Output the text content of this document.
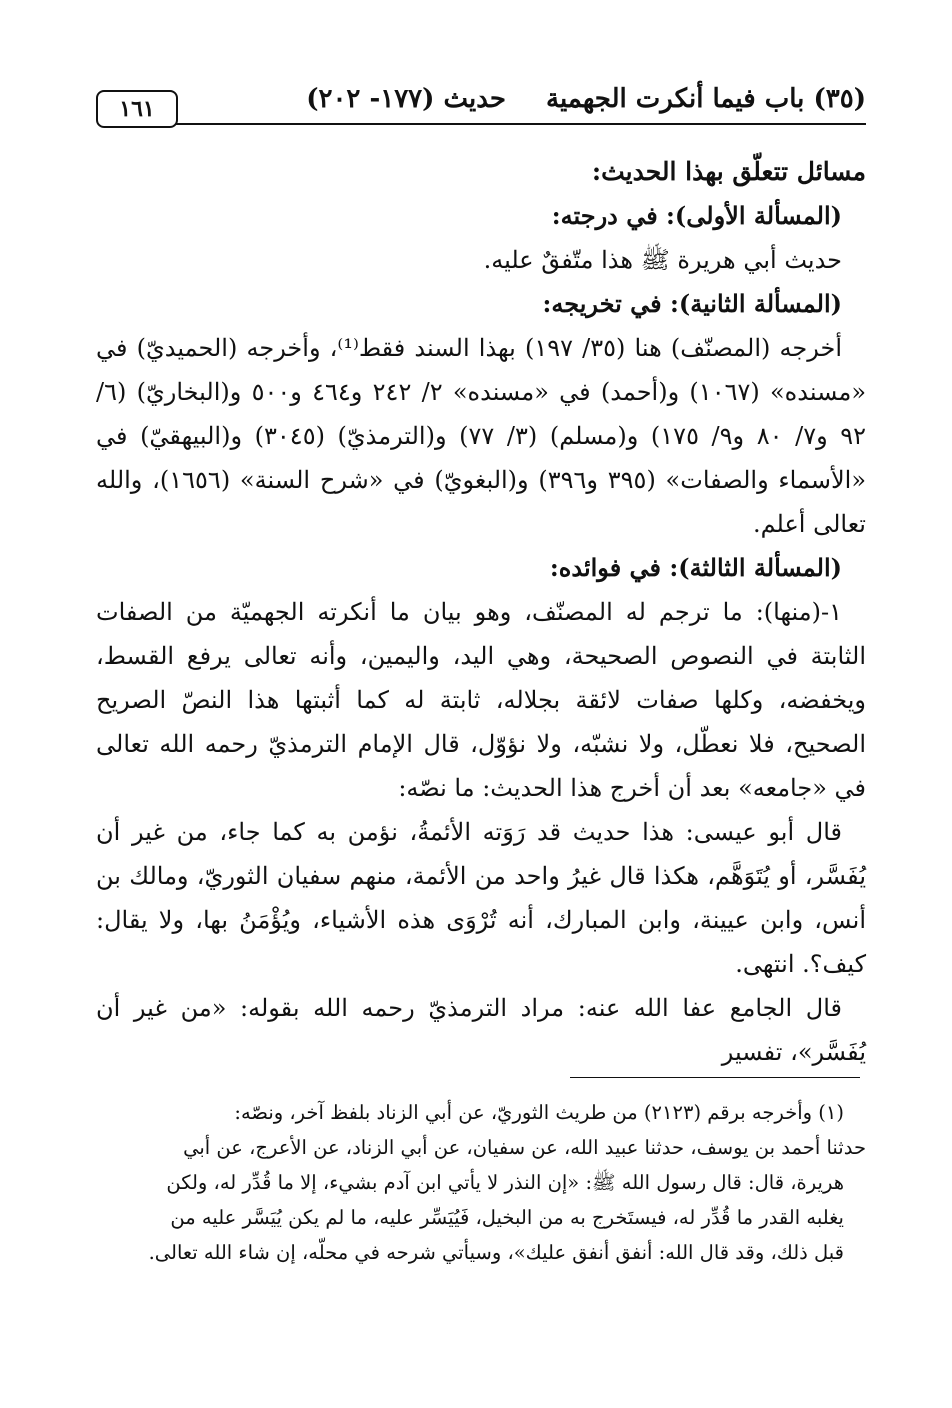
(٣٥) باب فيما أنكرت الجهمية
حديث (١٧٧- ٢٠٢)
١٦١

مسائل تتعلّق بهذا الحديث:

(المسألة الأولى): في درجته:

حديث أبي هريرة ﷺ هذا متّفقٌ عليه.

(المسألة الثانية): في تخريجه:

أخرجه (المصنّف) هنا (٣٥/ ١٩٧) بهذا السند فقط⁽¹⁾، وأخرجه (الحميديّ) في «مسنده» (١٠٦٧) و(أحمد) في «مسنده» ٢/ ٢٤٢ و٤٦٤ و٥٠٠ و(البخاريّ) (٦/ ٩٢ و٧/ ٨٠ و٩/ ١٧٥) و(مسلم) (٣/ ٧٧) و(الترمذيّ) (٣٠٤٥) و(البيهقيّ) في «الأسماء والصفات» (٣٩٥ و٣٩٦) و(البغويّ) في «شرح السنة» (١٦٥٦)، والله تعالى أعلم.

(المسألة الثالثة): في فوائده:

١-(منها): ما ترجم له المصنّف، وهو بيان ما أنكرته الجهميّة من الصفات الثابتة في النصوص الصحيحة، وهي اليد، واليمين، وأنه تعالى يرفع القسط، ويخفضه، وكلها صفات لائقة بجلاله، ثابتة له كما أثبتها هذا النصّ الصريح الصحيح، فلا نعطّل، ولا نشبّه، ولا نؤوّل، قال الإمام الترمذيّ رحمه الله تعالى في «جامعه» بعد أن أخرج هذا الحديث: ما نصّه:

قال أبو عيسى: هذا حديث قد رَوَته الأئمةُ، نؤمن به كما جاء، من غير أن يُفَسَّر، أو يُتَوَهَّم، هكذا قال غيرُ واحد من الأئمة، منهم سفيان الثوريّ، ومالك بن أنس، وابن عيينة، وابن المبارك، أنه تُرْوَى هذه الأشياء، ويُؤْمَنُ بها، ولا يقال: كيف؟. انتهى.

قال الجامع عفا الله عنه: مراد الترمذيّ رحمه الله بقوله: «من غير أن يُفَسَّر»، تفسير

(١) وأخرجه برقم (٢١٢٣) من طريث الثوريّ، عن أبي الزناد بلفظ آخر، ونصّه:
حدثنا أحمد بن يوسف، حدثنا عبيد الله، عن سفيان، عن أبي الزناد، عن الأعرج، عن أبي
هريرة، قال: قال رسول الله ﷺ: «إن النذر لا يأتي ابن آدم بشيء، إلا ما قُدِّر له، ولكن
يغلبه القدر ما قُدِّر له، فيستَخرج به من البخيل، فَيُيَسِّر عليه، ما لم يكن يُيَسَّر عليه من
قبل ذلك، وقد قال الله: أنفق أنفق عليك»، وسيأتي شرحه في محلّه، إن شاء الله تعالى.
